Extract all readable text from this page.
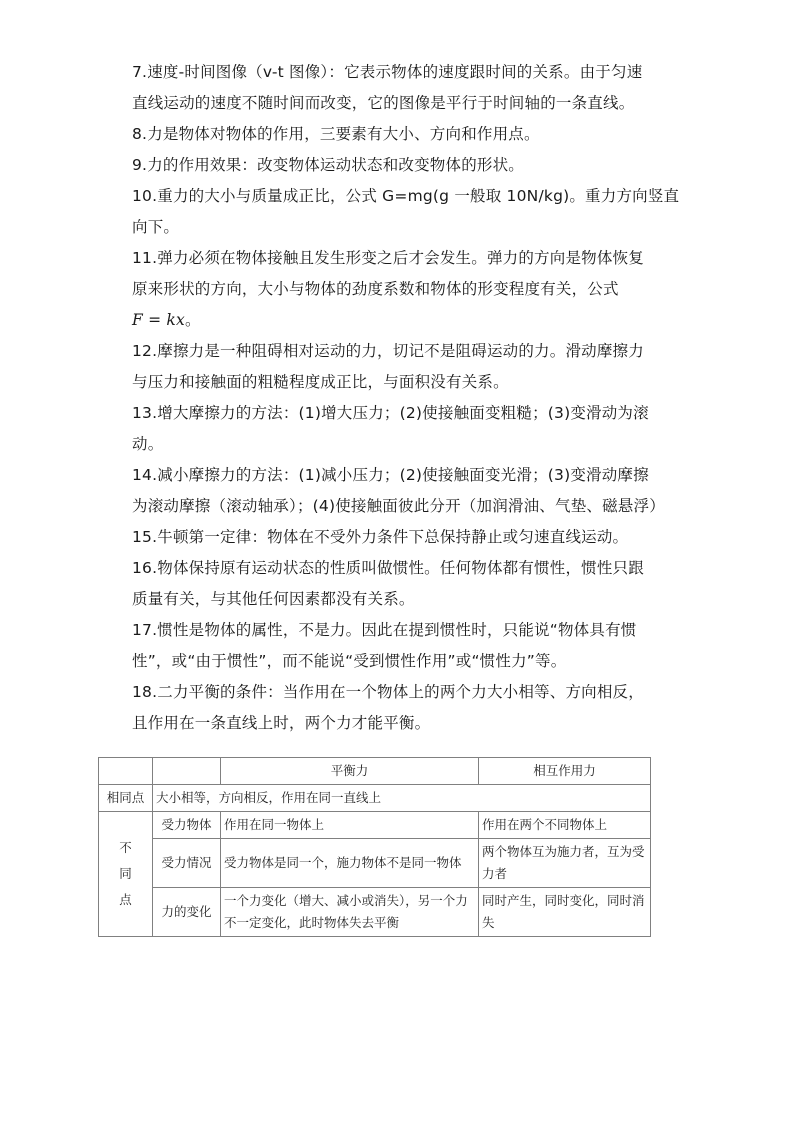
7.速度-时间图像（v-t 图像）：它表示物体的速度跟时间的关系。由于匀速
直线运动的速度不随时间而改变，它的图像是平行于时间轴的一条直线。

8.力是物体对物体的作用，三要素有大小、方向和作用点。

9.力的作用效果：改变物体运动状态和改变物体的形状。

10.重力的大小与质量成正比，公式 G=mg(g 一般取 10N/kg)。重力方向竖直
向下。

11.弹力必须在物体接触且发生形变之后才会发生。弹力的方向是物体恢复
原来形状的方向，大小与物体的劲度系数和物体的形变程度有关，公式
F = kx。

12.摩擦力是一种阻碍相对运动的力，切记不是阻碍运动的力。滑动摩擦力
与压力和接触面的粗糙程度成正比，与面积没有关系。

13.增大摩擦力的方法：(1)增大压力；(2)使接触面变粗糙；(3)变滑动为滚
动。

14.减小摩擦力的方法：(1)减小压力；(2)使接触面变光滑；(3)变滑动摩擦
为滚动摩擦（滚动轴承）；(4)使接触面彼此分开（加润滑油、气垫、磁悬浮）

15.牛顿第一定律：物体在不受外力条件下总保持静止或匀速直线运动。

16.物体保持原有运动状态的性质叫做惯性。任何物体都有惯性，惯性只跟
质量有关，与其他任何因素都没有关系。

17.惯性是物体的属性，不是力。因此在提到惯性时，只能说“物体具有惯
性”，或“由于惯性”，而不能说“受到惯性作用”或“惯性力”等。

18.二力平衡的条件：当作用在一个物体上的两个力大小相等、方向相反，
且作用在一条直线上时，两个力才能平衡。

		平衡力	相互作用力
相同点	大小相等，方向相反，作用在同一直线上		
不
同
点	受力物体	作用在同一物体上	作用在两个不同物体上
	受力情况	受力物体是同一个，施力物体不是同一物体	两个物体互为施力者，互为受力者
	力的变化	一个力变化（增大、减小或消失），另一个力不一定变化，此时物体失去平衡	同时产生，同时变化，同时消失
